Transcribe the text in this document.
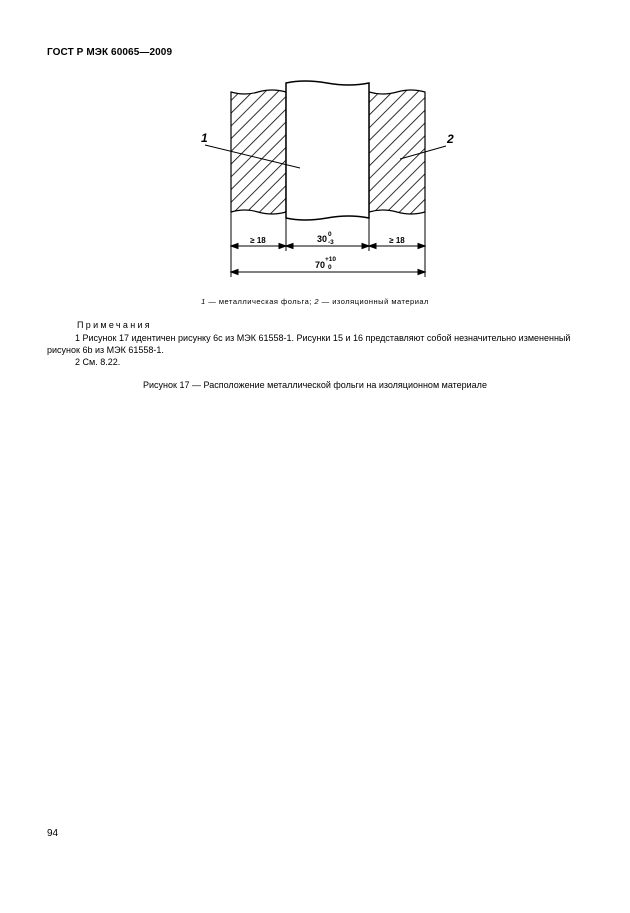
ГОСТ Р МЭК 60065—2009
1	2
≥ 18	30 0
-3	≥ 18
70
+10
0
1 — металлическая фольга; 2 — изоляционный материал
Примечания
1 Рисунок 17 идентичен рисунку 6c из МЭК 61558-1. Рисунки 15 и 16 представляют собой незначительно измененный рисунок 6b из МЭК 61558-1.
2 См. 8.22.
Рисунок 17 — Расположение металлической фольги на изоляционном материале
94
